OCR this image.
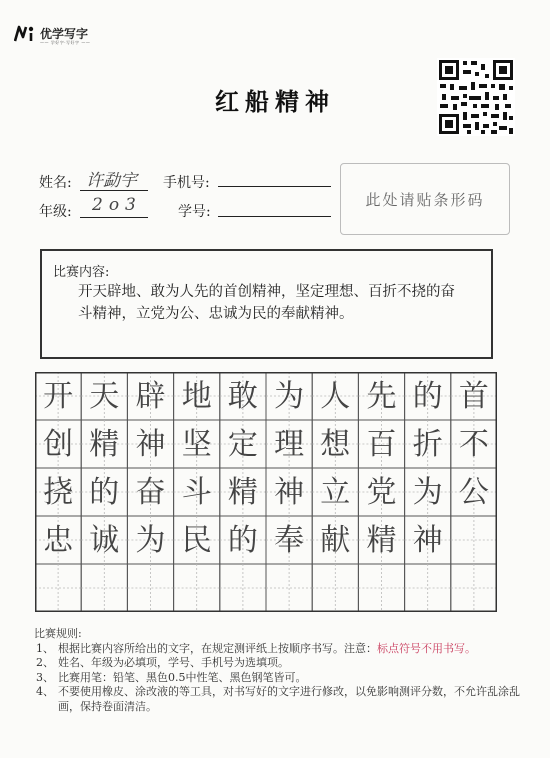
优学写字
—— 学好字·写好字 ——
红船精神
姓名: 许勐宇 手机号:
年级: 2o3	学号:
此处请贴条形码
比赛内容:
开天辟地、敢为人先的首创精神，坚定理想、百折不挠的奋斗精神，立党为公、忠诚为民的奉献精神。
开 天 辟 地 敢 为 人 先 的 首
创 精 神 坚 定 理 想 百 折 不
挠 的 奋 斗 精 神 立 党 为 公
忠 诚 为 民 的 奉 献 精 神
比赛规则:
1、 根据比赛内容所给出的文字，在规定测评纸上按顺序书写。注意：标点符号不用书写。
2、 姓名、年级为必填项，学号、手机号为选填项。
3、 比赛用笔：铅笔、黑色0.5中性笔、黑色钢笔皆可。
4、 不要使用橡皮、涂改液的等工具，对书写好的文字进行修改，以免影响测评分数，不允许乱涂乱画，保持卷面清洁。
